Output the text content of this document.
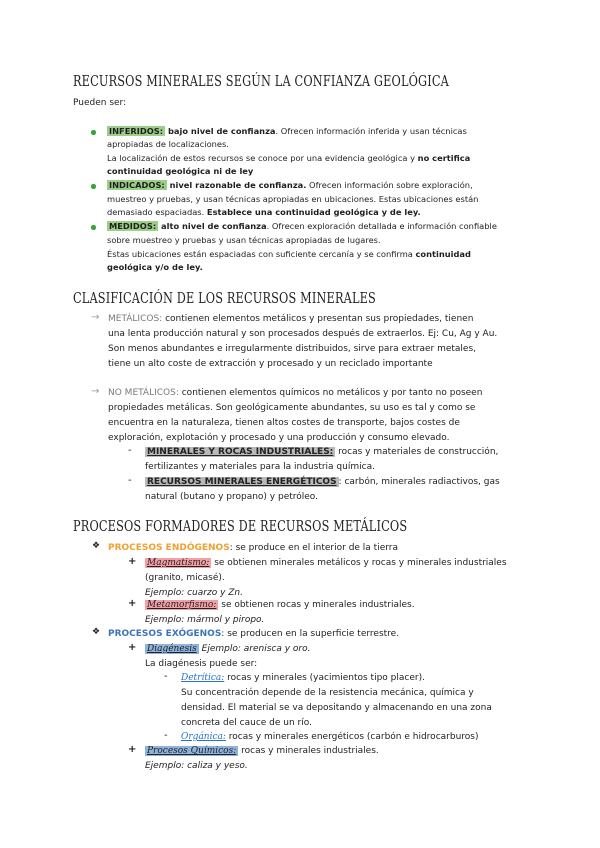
RECURSOS MINERALES SEGÚN LA CONFIANZA GEOLÓGICA
Pueden ser:
INFERIDOS: bajo nivel de confianza. Ofrecen información inferida y usan técnicas
apropiadas de localizaciones.
La localización de estos recursos se conoce por una evidencia geológica y no certifica
continuidad geológica ni de ley
INDICADOS: nivel razonable de confianza. Ofrecen información sobre exploración,
muestreo y pruebas, y usan técnicas apropiadas en ubicaciones. Estas ubicaciones están
demasiado espaciadas. Establece una continuidad geológica y de ley.
MEDIDOS: alto nivel de confianza. Ofrecen exploración detallada e información confiable
sobre muestreo y pruebas y usan técnicas apropiadas de lugares.
Éstas ubicaciones están espaciadas con suficiente cercanía y se confirma continuidad
geológica y/o de ley.
CLASIFICACIÓN DE LOS RECURSOS MINERALES
→ METÁLICOS: contienen elementos metálicos y presentan sus propiedades, tienen
una lenta producción natural y son procesados después de extraerlos. Ej: Cu, Ag y Au.
Son menos abundantes e irregularmente distribuidos, sirve para extraer metales,
tiene un alto coste de extracción y procesado y un reciclado importante
→ NO METÁLICOS: contienen elementos químicos no metálicos y por tanto no poseen
propiedades metálicas. Son geológicamente abundantes, su uso es tal y como se
encuentra en la naturaleza, tienen altos costes de transporte, bajos costes de
exploración, explotación y procesado y una producción y consumo elevado.
- MINERALES Y ROCAS INDUSTRIALES: rocas y materiales de construcción,
fertilizantes y materiales para la industria química.
- RECURSOS MINERALES ENERGÉTICOS : carbón, minerales radiactivos, gas
natural (butano y propano) y petróleo.
PROCESOS FORMADORES DE RECURSOS METÁLICOS
❖ PROCESOS ENDÓGENOS: se produce en el interior de la tierra
+ Magmatismo: se obtienen minerales metálicos y rocas y minerales industriales
(granito, micasé).
Ejemplo: cuarzo y Zn.
+ Metamorfismo: se obtienen rocas y minerales industriales.
Ejemplo: mármol y piropo.
❖ PROCESOS EXÓGENOS: se producen en la superficie terrestre.
+ Diagénesis Ejemplo: arenisca y oro.
La diagénesis puede ser:
- Detrítica: rocas y minerales (yacimientos tipo placer).
Su concentración depende de la resistencia mecánica, química y
densidad. El material se va depositando y almacenando en una zona
concreta del cauce de un río.
- Orgánica: rocas y minerales energéticos (carbón e hidrocarburos)
+ Procesos Químicos: rocas y minerales industriales.
Ejemplo: caliza y yeso.
